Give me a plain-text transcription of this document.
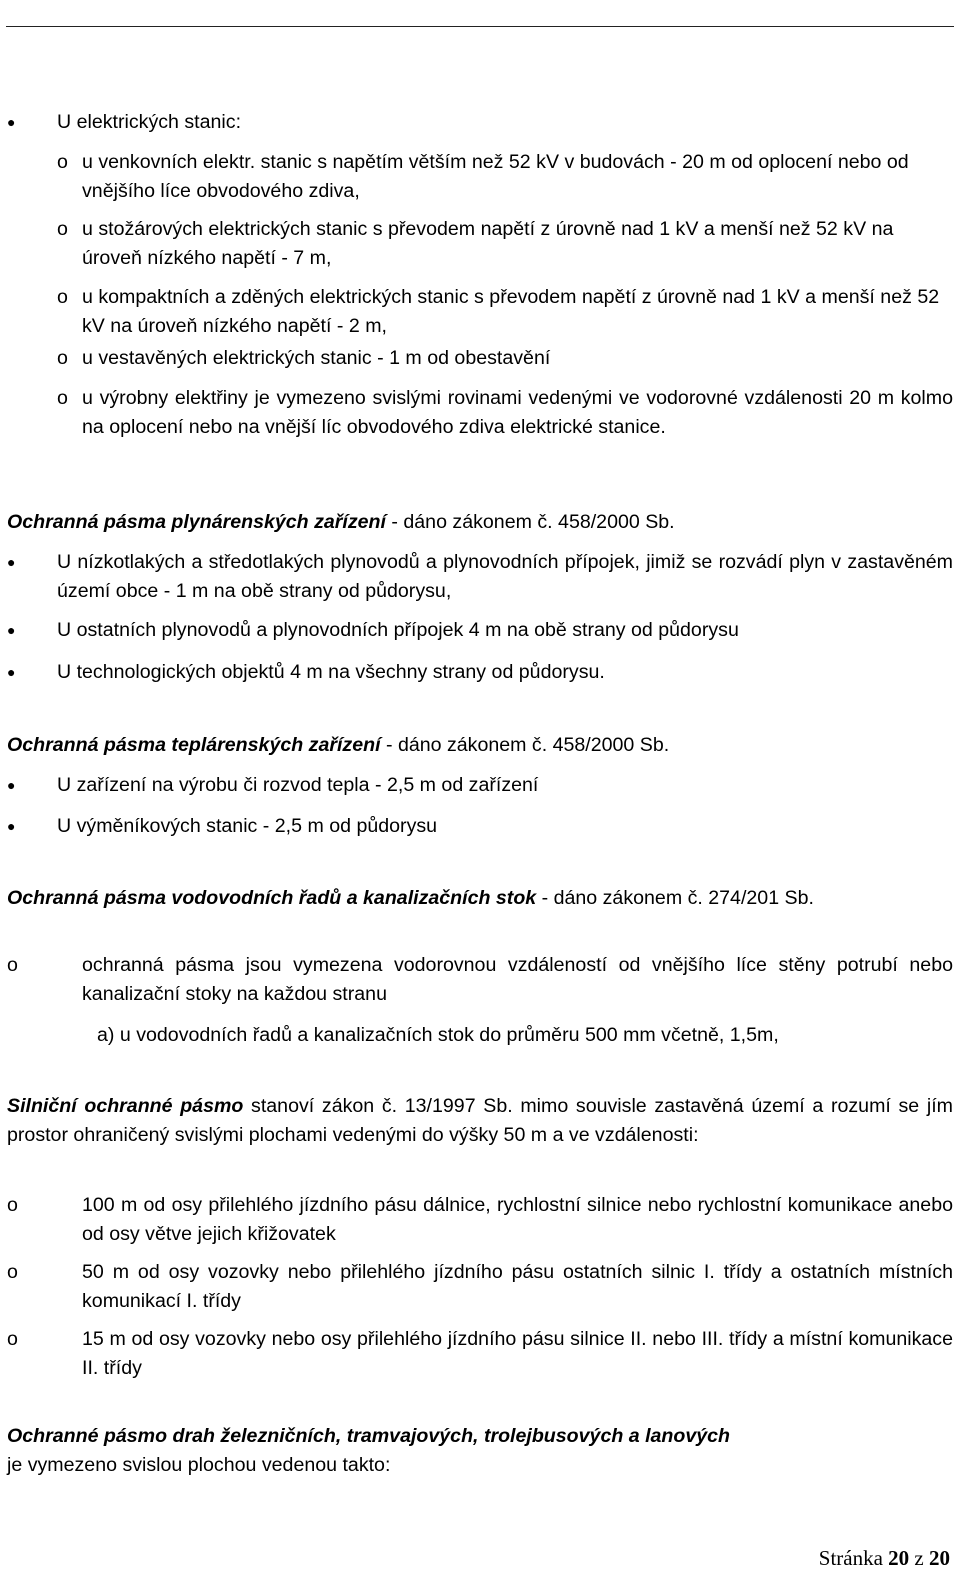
Oznámení záměru dle § 6 zákona č. 100/2001 Sb., ve znění novel	Penny market DC Bynov
● U elektrických stanic:
o u venkovních elektr. stanic s napětím větším než 52 kV v budovách - 20 m od oplocení nebo od vnějšího líce obvodového zdiva,
o u stožárových elektrických stanic s převodem napětí z úrovně nad 1 kV a menší než 52 kV na úroveň nízkého napětí - 7 m,
o u kompaktních a zděných elektrických stanic s převodem napětí z úrovně nad 1 kV a menší než 52 kV na úroveň nízkého napětí - 2 m,
o u vestavěných elektrických stanic - 1 m od obestavění
o u výrobny elektřiny je vymezeno svislými rovinami vedenými ve vodorovné vzdálenosti 20 m kolmo na oplocení nebo na vnější líc obvodového zdiva elektrické stanice.
Ochranná pásma plynárenských zařízení - dáno zákonem č. 458/2000 Sb.
● U nízkotlakých a středotlakých plynovodů a plynovodních přípojek, jimiž se rozvádí plyn v zastavěném území obce - 1 m na obě strany od půdorysu,
● U ostatních plynovodů a plynovodních přípojek 4 m na obě strany od půdorysu
● U technologických objektů 4 m na všechny strany od půdorysu.
Ochranná pásma teplárenských zařízení - dáno zákonem č. 458/2000 Sb.
● U zařízení na výrobu či rozvod tepla - 2,5 m od zařízení
● U výměníkových stanic - 2,5 m od půdorysu
Ochranná pásma vodovodních řadů a kanalizačních stok - dáno zákonem č. 274/201 Sb.
o	ochranná pásma jsou vymezena vodorovnou vzdáleností od vnějšího líce stěny potrubí nebo kanalizační stoky na každou stranu
a) u vodovodních řadů a kanalizačních stok do průměru 500 mm včetně, 1,5m,
Silniční ochranné pásmo stanoví zákon č. 13/1997 Sb. mimo souvisle zastavěná území a rozumí se jím prostor ohraničený svislými plochami vedenými do výšky 50 m a ve vzdálenosti:
o	100 m od osy přilehlého jízdního pásu dálnice, rychlostní silnice nebo rychlostní komunikace anebo od osy větve jejich křižovatek
o	50 m od osy vozovky nebo přilehlého jízdního pásu ostatních silnic I. třídy a ostatních místních komunikací I. třídy
o	15 m od osy vozovky nebo osy přilehlého jízdního pásu silnice II. nebo III. třídy a místní komunikace II. třídy
Ochranné pásmo drah železničních, tramvajových, trolejbusových a lanových
je vymezeno svislou plochou vedenou takto:
Stránka 20 z 20
